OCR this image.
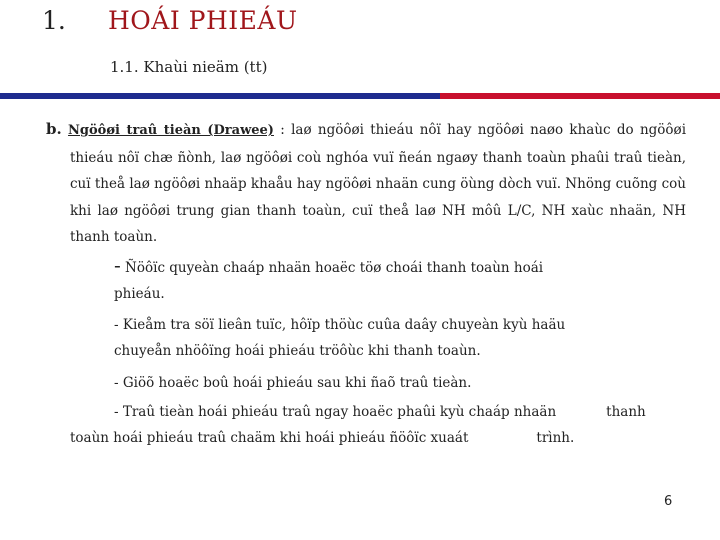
1. HOÁI PHIEÁU
1.1. Khaùi nieäm (tt)
b. Ngöôøi traû tieàn (Drawee) : laø ngöôøi thieáu nôï hay ngöôøi naøo khaùc do ngöôøi
thieáu nôï chæ ñònh, laø ngöôøi coù nghóa vuï ñeán ngaøy thanh toaùn phaûi traû tieàn, cuï theå laø ngöôøi nhaäp khaåu hay ngöôøi nhaän cung öùng dòch vuï. Nhöng cuõng coù khi laø ngöôøi trung gian thanh toaùn, cuï theå laø NH môû L/C, NH xaùc nhaän, NH thanh toaùn.
- Ñöôïc quyeàn chaáp nhaän hoaëc töø choái thanh toaùn hoái phieáu.
- Kieåm tra söï lieân tuïc, hôïp thöùc cuûa daây chuyeàn kyù haäu chuyeån nhöôïng hoái phieáu tröôùc khi thanh toaùn.
- Giöõ hoaëc boû hoái phieáu sau khi ñaõ traû tieàn.
- Traû tieàn hoái phieáu traû ngay hoaëc phaûi kyù chaáp nhaän	thanh
toaùn hoái phieáu traû chaäm khi hoái phieáu ñöôïc xuaát	trình.
6
